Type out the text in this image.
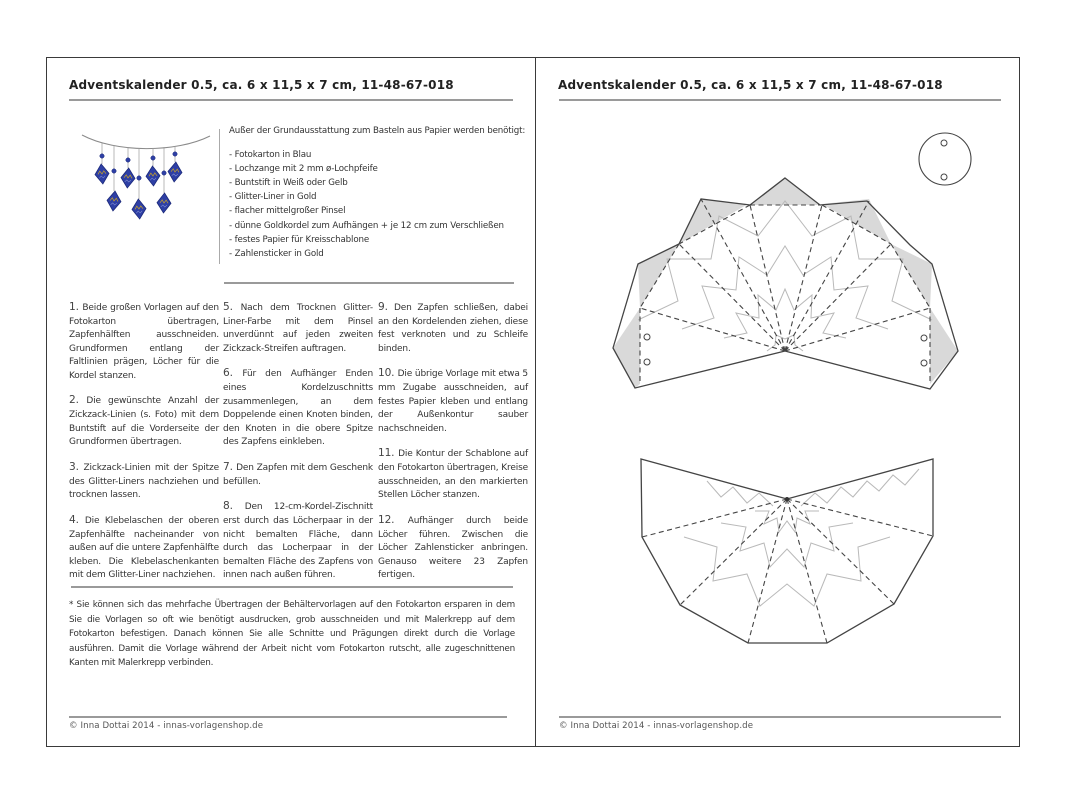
Adventskalender 0.5, ca. 6 x 11,5 x 7 cm, 11-48-67-018
Außer der Grundausstattung zum Basteln aus Papier werden benötigt:
- Fotokarton in Blau
- Lochzange mit 2 mm ø-Lochpfeife
- Buntstift in Weiß oder Gelb
- Glitter-Liner in Gold
- flacher mittelgroßer Pinsel
- dünne Goldkordel zum Aufhängen + je 12 cm zum Verschließen
- festes Papier für Kreisschablone
- Zahlensticker in Gold

1. Beide großen Vorlagen auf den Fotokarton übertragen, Zapfenhälften ausschneiden. Grundformen entlang der Faltlinien prägen, Löcher für die Kordel stanzen.

2. Die gewünschte Anzahl der Zickzack-Linien (s. Foto) mit dem Buntstift auf die Vorderseite der Grundformen übertragen.

3. Zickzack-Linien mit der Spitze des Glitter-Liners nachziehen und trocknen lassen.

4. Die Klebelaschen der oberen Zapfenhälfte nacheinander von außen auf die untere Zapfenhälfte kleben. Die Klebelaschenkanten mit dem Glitter-Liner nachziehen.

5. Nach dem Trocknen Glitter-Liner-Farbe mit dem Pinsel unverdünnt auf jeden zweiten Zickzack-Streifen auftragen.

6. Für den Aufhänger Enden eines Kordelzuschnitts zusammenlegen, an dem Doppelende einen Knoten binden, den Knoten in die obere Spitze des Zapfens einkleben.

7. Den Zapfen mit dem Geschenk befüllen.

8. Den 12-cm-Kordel-Zischnitt erst durch das Löcherpaar in der nicht bemalten Fläche, dann durch das Locherpaar in der bemalten Fläche des Zapfens von innen nach außen führen.

9. Den Zapfen schließen, dabei an den Kordelenden ziehen, diese fest verknoten und zu Schleife binden.

10. Die übrige Vorlage mit etwa 5 mm Zugabe ausschneiden, auf festes Papier kleben und entlang der Außenkontur sauber nachschneiden.

11. Die Kontur der Schablone auf den Fotokarton übertragen, Kreise ausschneiden, an den markierten Stellen Löcher stanzen.

12. Aufhänger durch beide Löcher führen. Zwischen die Löcher Zahlensticker anbringen. Genauso weitere 23 Zapfen fertigen.

* Sie können sich das mehrfache Übertragen der Behältervorlagen auf den Fotokarton ersparen in dem Sie die Vorlagen so oft wie benötigt ausdrucken, grob ausschneiden und mit Malerkrepp auf dem Fotokarton befestigen. Danach können Sie alle Schnitte und Prägungen direkt durch die Vorlage ausführen. Damit die Vorlage während der Arbeit nicht vom Fotokarton rutscht, alle zugeschnittenen Kanten mit Malerkrepp verbinden.
© Inna Dottai 2014 - innas-vorlagenshop.de
Adventskalender 0.5, ca. 6 x 11,5 x 7 cm, 11-48-67-018
© Inna Dottai 2014 - innas-vorlagenshop.de
